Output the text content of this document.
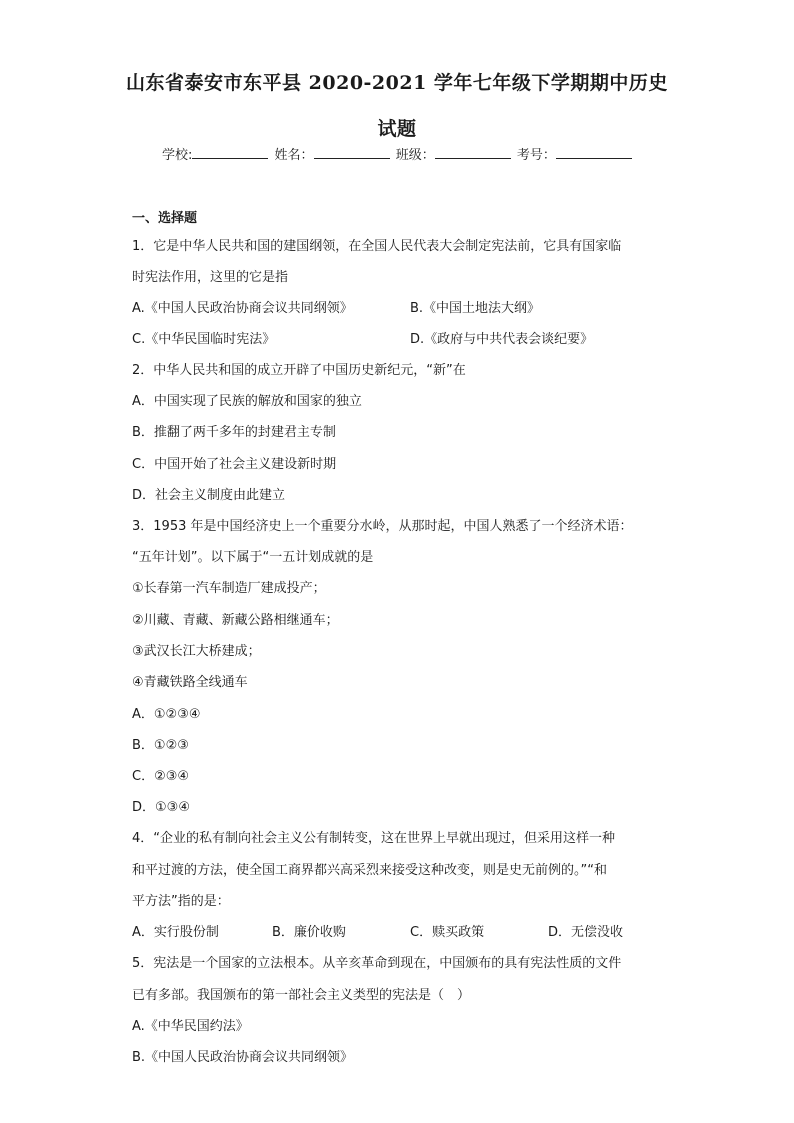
山东省泰安市东平县 2020-2021 学年七年级下学期期中历史
试题
学校:	姓名：	班级：	考号：
一、选择题
1．它是中华人民共和国的建国纲领，在全国人民代表大会制定宪法前，它具有国家临
时宪法作用，这里的它是指
A.《中国人民政治协商会议共同纲领》	B.《中国土地法大纲》
C.《中华民国临时宪法》	D.《政府与中共代表会谈纪要》
2．中华人民共和国的成立开辟了中国历史新纪元，“新”在
A．中国实现了民族的解放和国家的独立
B．推翻了两千多年的封建君主专制
C．中国开始了社会主义建设新时期
D．社会主义制度由此建立
3．1953 年是中国经济史上一个重要分水岭，从那时起，中国人熟悉了一个经济术语：
“五年计划”。以下属于“一五计划成就的是
①长春第一汽车制造厂建成投产；
②川藏、青藏、新藏公路相继通车；
③武汉长江大桥建成；
④青藏铁路全线通车
A．①②③④
B．①②③
C．②③④
D．①③④
4．“企业的私有制向社会主义公有制转变，这在世界上早就出现过，但采用这样一种
和平过渡的方法，使全国工商界都兴高采烈来接受这种改变，则是史无前例的。”“和
平方法”指的是：
A．实行股份制	B．廉价收购	C．赎买政策	D．无偿没收
5．宪法是一个国家的立法根本。从辛亥革命到现在，中国颁布的具有宪法性质的文件
已有多部。我国颁布的第一部社会主义类型的宪法是（　）
A.《中华民国约法》
B.《中国人民政治协商会议共同纲领》
